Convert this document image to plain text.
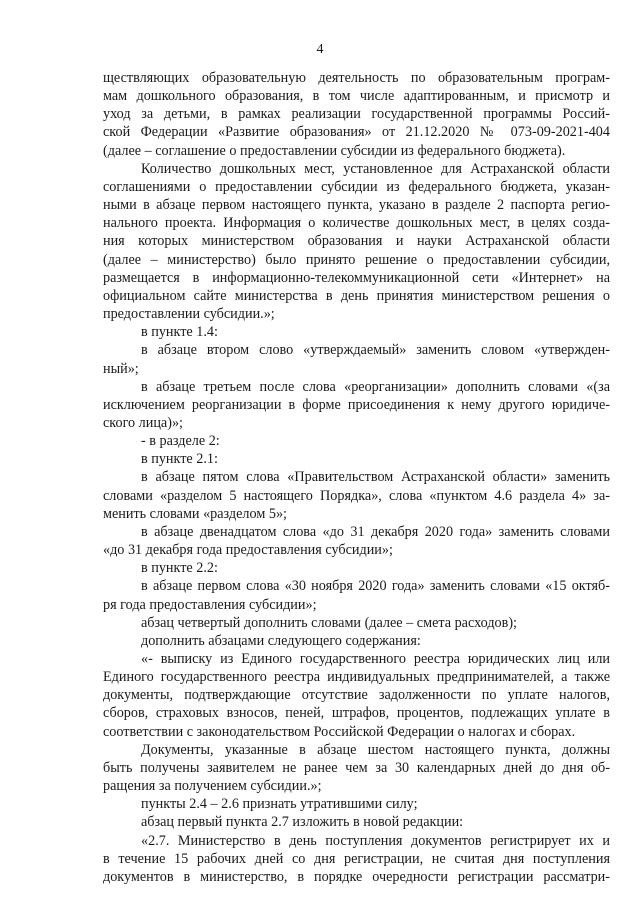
4

ществляющих образовательную деятельность по образовательным програм-

мам дошкольного образования, в том числе адаптированным, и присмотр и

уход за детьми, в рамках реализации государственной программы Россий-

ской Федерации «Развитие образования» от 21.12.2020 № 073-09-2021-404

(далее – соглашение о предоставлении субсидии из федерального бюджета).

Количество дошкольных мест, установленное для Астраханской области

соглашениями о предоставлении субсидии из федерального бюджета, указан-

ными в абзаце первом настоящего пункта, указано в разделе 2 паспорта регио-

нального проекта. Информация о количестве дошкольных мест, в целях созда-

ния которых министерством образования и науки Астраханской области

(далее – министерство) было принято решение о предоставлении субсидии,

размещается в информационно-телекоммуникационной сети «Интернет» на

официальном сайте министерства в день принятия министерством решения о

предоставлении субсидии.»;

в пункте 1.4:

в абзаце втором слово «утверждаемый» заменить словом «утвержден-

ный»;

в абзаце третьем после слова «реорганизации» дополнить словами «(за

исключением реорганизации в форме присоединения к нему другого юридиче-

ского лица)»;

- в разделе 2:

в пункте 2.1:

в абзаце пятом слова «Правительством Астраханской области» заменить

словами «разделом 5 настоящего Порядка», слова «пунктом 4.6 раздела 4» за-

менить словами «разделом 5»;

в абзаце двенадцатом слова «до 31 декабря 2020 года» заменить словами

«до 31 декабря года предоставления субсидии»;

в пункте 2.2:

в абзаце первом слова «30 ноября 2020 года» заменить словами «15 октяб-

ря года предоставления субсидии»;

абзац четвертый дополнить словами (далее – смета расходов);

дополнить абзацами следующего содержания:

«- выписку из Единого государственного реестра юридических лиц или

Единого государственного реестра индивидуальных предпринимателей, а также

документы, подтверждающие отсутствие задолженности по уплате налогов,

сборов, страховых взносов, пеней, штрафов, процентов, подлежащих уплате в

соответствии с законодательством Российской Федерации о налогах и сборах.

Документы, указанные в абзаце шестом настоящего пункта, должны

быть получены заявителем не ранее чем за 30 календарных дней до дня об-

ращения за получением субсидии.»;

пункты 2.4 – 2.6 признать утратившими силу;

абзац первый пункта 2.7 изложить в новой редакции:

«2.7. Министерство в день поступления документов регистрирует их и

в течение 15 рабочих дней со дня регистрации, не считая дня поступления

документов в министерство, в порядке очередности регистрации рассматри-
